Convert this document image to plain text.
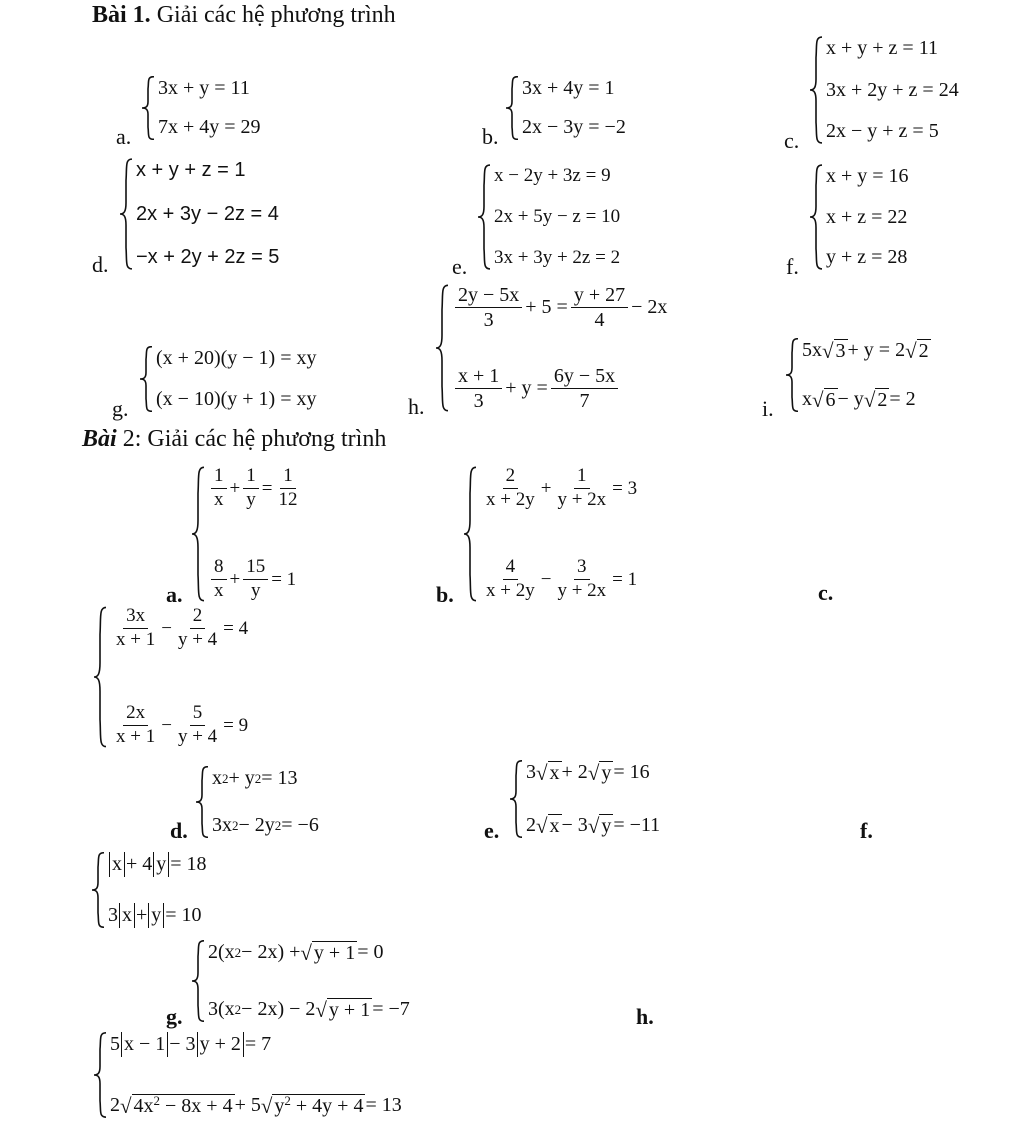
Bài 1. Giải các hệ phương trình
a.
3x + y = 11
7x + 4y = 29	b.
3x + 4y = 1
2x − 3y = −2
c.
x + y + z = 11
3x + 2y + z = 24
2x − y + z = 5
d.
x + y + z = 1
2x + 3y − 2z = 4
−x + 2y + 2z = 5	e.
x − 2y + 3z = 9
2x + 5y − z = 10
3x + 3y + 2z = 2	f.
x + y = 16
x + z = 22
y + z = 28
g.
(x + 20)(y − 1) = xy
(x − 10)(y + 1) = xy	h.
$\frac{2y - 5x}{3} + 5 = \frac{y + 27}{4} - 2x$
$\frac{x + 1}{3} + y = \frac{6y - 5x}{7}$	i.
5x √ 3 + y = 2 √ 2
x √ 6 − y √ 2 = 2
Bài 2: Giải các hệ phương trình
a.
$\frac{1}{x} + \frac{1}{y} = \frac{1}{12}$
$\frac{8}{x} + \frac{15}{y} = 1$
b.
$\frac{2}{x + 2y} + \frac{1}{y + 2x} = 3$
$\frac{4}{x + 2y} - \frac{3}{y + 2x} = 1$
c.
$\frac{3x}{x + 1} - \frac{2}{y + 4} = 4$
$\frac{2x}{x + 1} - \frac{5}{y + 4} = 9$
d.
x 2 + y 2 = 13
3x 2 − 2y 2 = −6	e.
3 √ x + 2 √ y = 16
2 √ x − 3 √ y = −11	f.
x + 4 y = 18
3 x + y = 10
g.
2(x 2 − 2x) + √ y + 1 = 0
3(x 2 − 2x) − 2 √ y + 1 = −7	h.
5 x − 1 − 3 y + 2 = 7
2 √ $4x^2 - 8x + 4 + 5$ √ $y^2 + 4y + 4 = 13$
